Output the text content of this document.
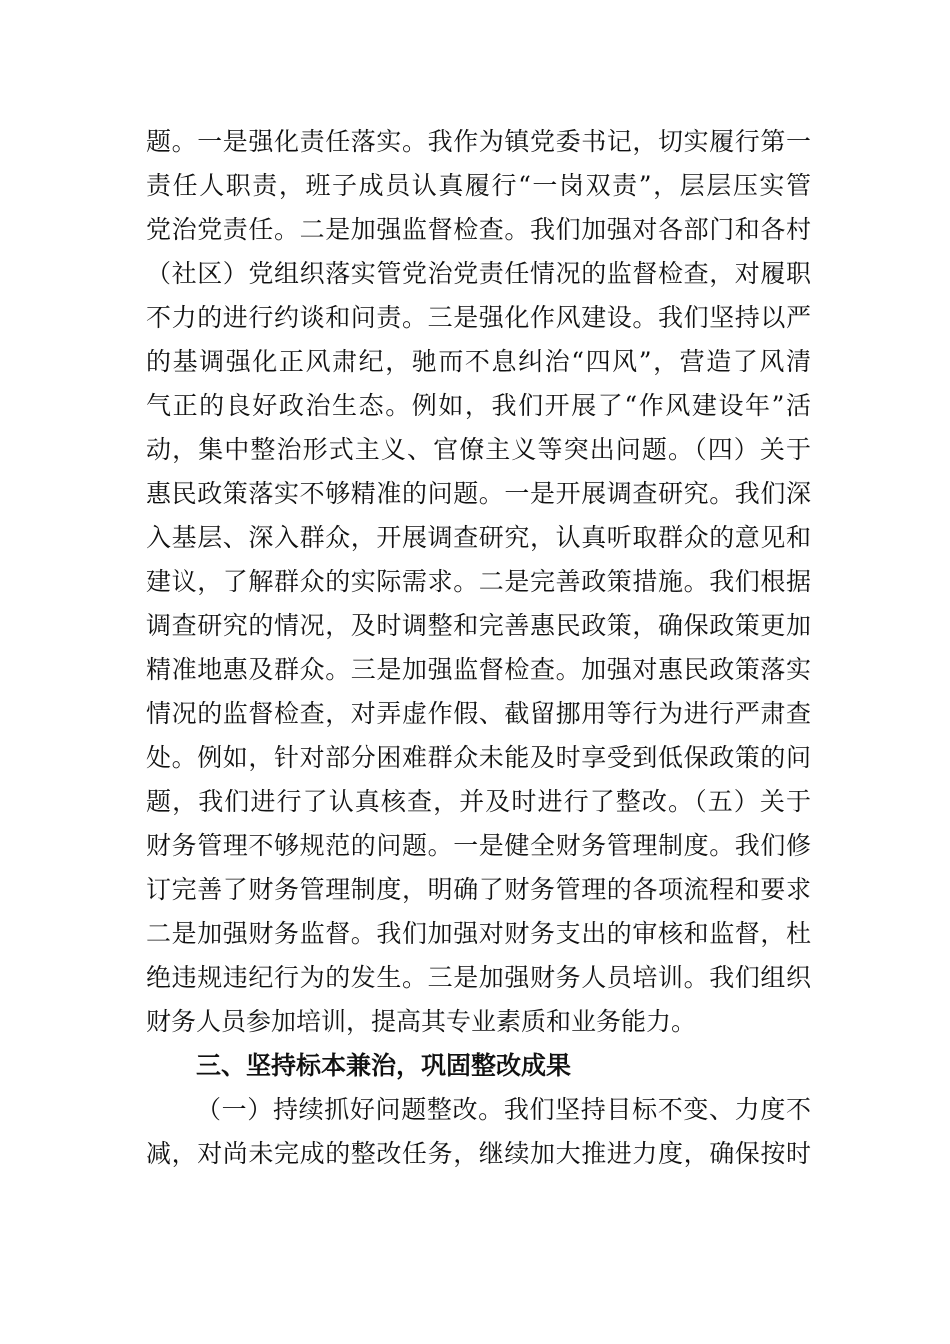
题。一是强化责任落实。我作为镇党委书记，切实履行第一
责任人职责，班子成员认真履行“一岗双责”，层层压实管
党治党责任。二是加强监督检查。我们加强对各部门和各村
（社区）党组织落实管党治党责任情况的监督检查，对履职
不力的进行约谈和问责。三是强化作风建设。我们坚持以严
的基调强化正风肃纪，驰而不息纠治“四风”，营造了风清
气正的良好政治生态。例如，我们开展了“作风建设年”活
动，集中整治形式主义、官僚主义等突出问题。（四）关于
惠民政策落实不够精准的问题。一是开展调查研究。我们深
入基层、深入群众，开展调查研究，认真听取群众的意见和
建议，了解群众的实际需求。二是完善政策措施。我们根据
调查研究的情况，及时调整和完善惠民政策，确保政策更加
精准地惠及群众。三是加强监督检查。加强对惠民政策落实
情况的监督检查，对弄虚作假、截留挪用等行为进行严肃查
处。例如，针对部分困难群众未能及时享受到低保政策的问
题，我们进行了认真核查，并及时进行了整改。（五）关于
财务管理不够规范的问题。一是健全财务管理制度。我们修
订完善了财务管理制度，明确了财务管理的各项流程和要求
二是加强财务监督。我们加强对财务支出的审核和监督，杜
绝违规违纪行为的发生。三是加强财务人员培训。我们组织
财务人员参加培训，提高其专业素质和业务能力。
三、坚持标本兼治，巩固整改成果
（一）持续抓好问题整改。我们坚持目标不变、力度不
减，对尚未完成的整改任务，继续加大推进力度，确保按时
